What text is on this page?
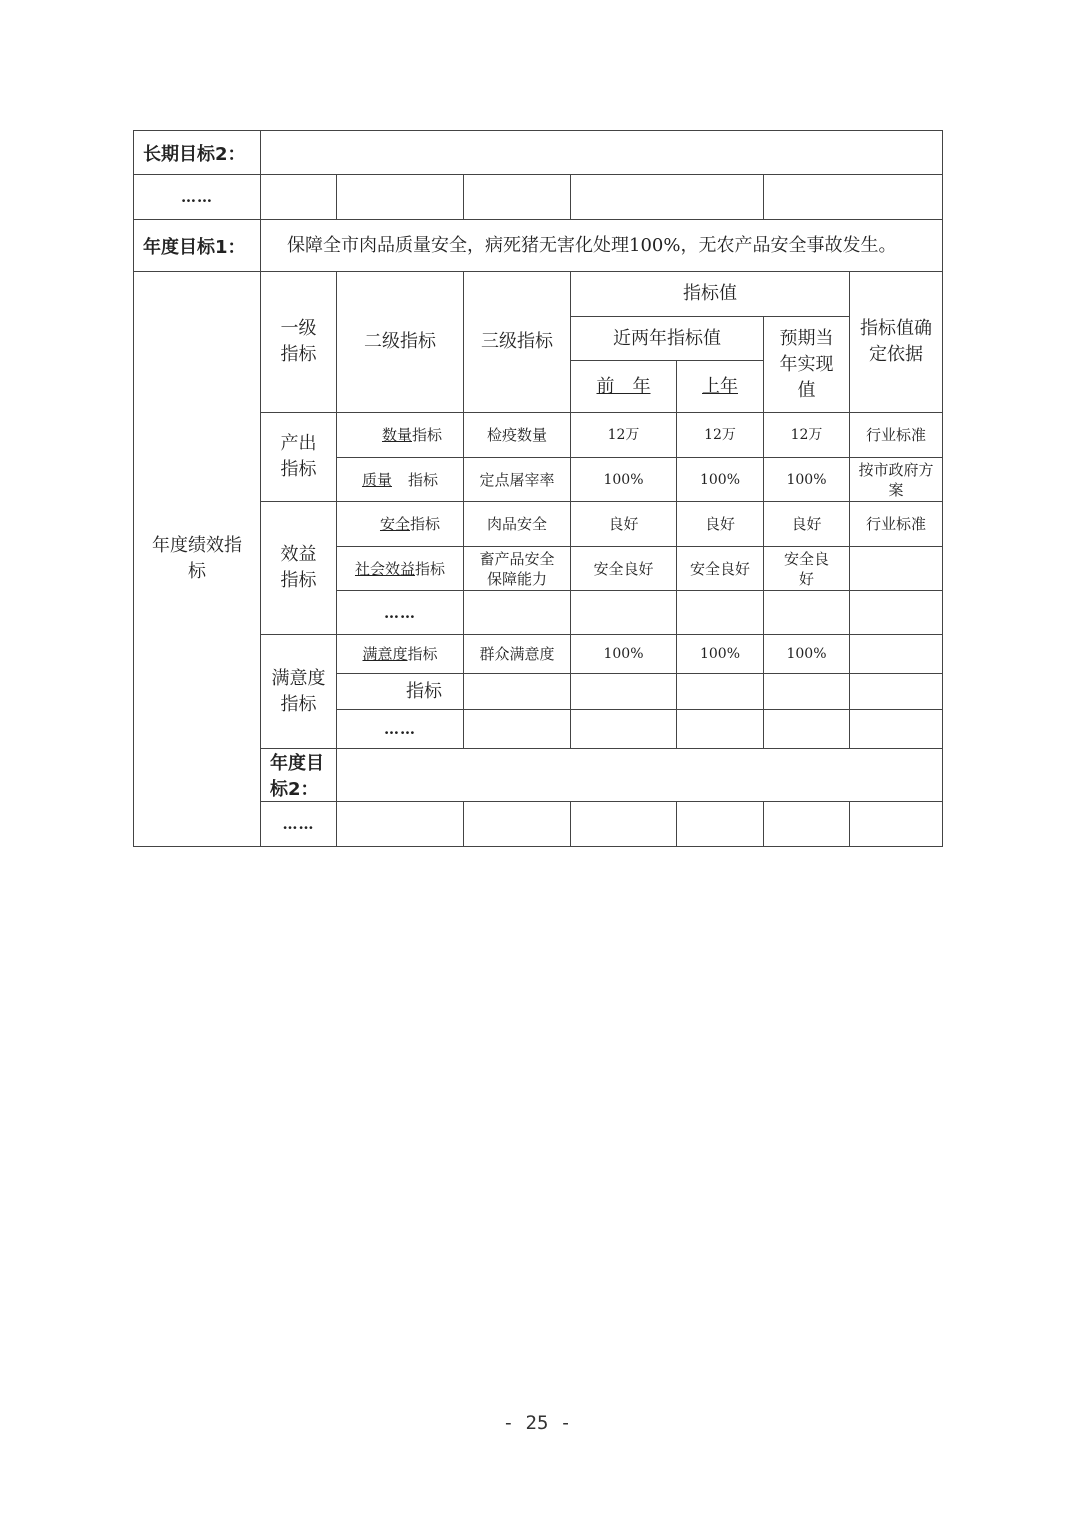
长期目标2：								
……								
年度目标1：	保障全市肉品质量安全，病死猪无害化处理100%，无农产品安全事故发生。							

年度绩效指标	一级指标	二级指标	三级指标	指标值			指标值确定依据	

				近两年指标值		预期当年实现值		

				前　年	上年			

	产出指标	数量指标	检疫数量	12万	12万	12万	行业标准	
		质量 指标	定点屠宰率	100%	100%	100%	按市政府方案	

	效益指标	安全指标	肉品安全	良好	良好	良好	行业标准	
		社会效益指标	畜产品安全保障能力	安全良好	安全良好	安全良好		

		……						

	满意度指标	满意度指标	群众满意度	100%	100%	100%		
		指标						
		……						
	年度目标2：							
	……							
- 25 -
